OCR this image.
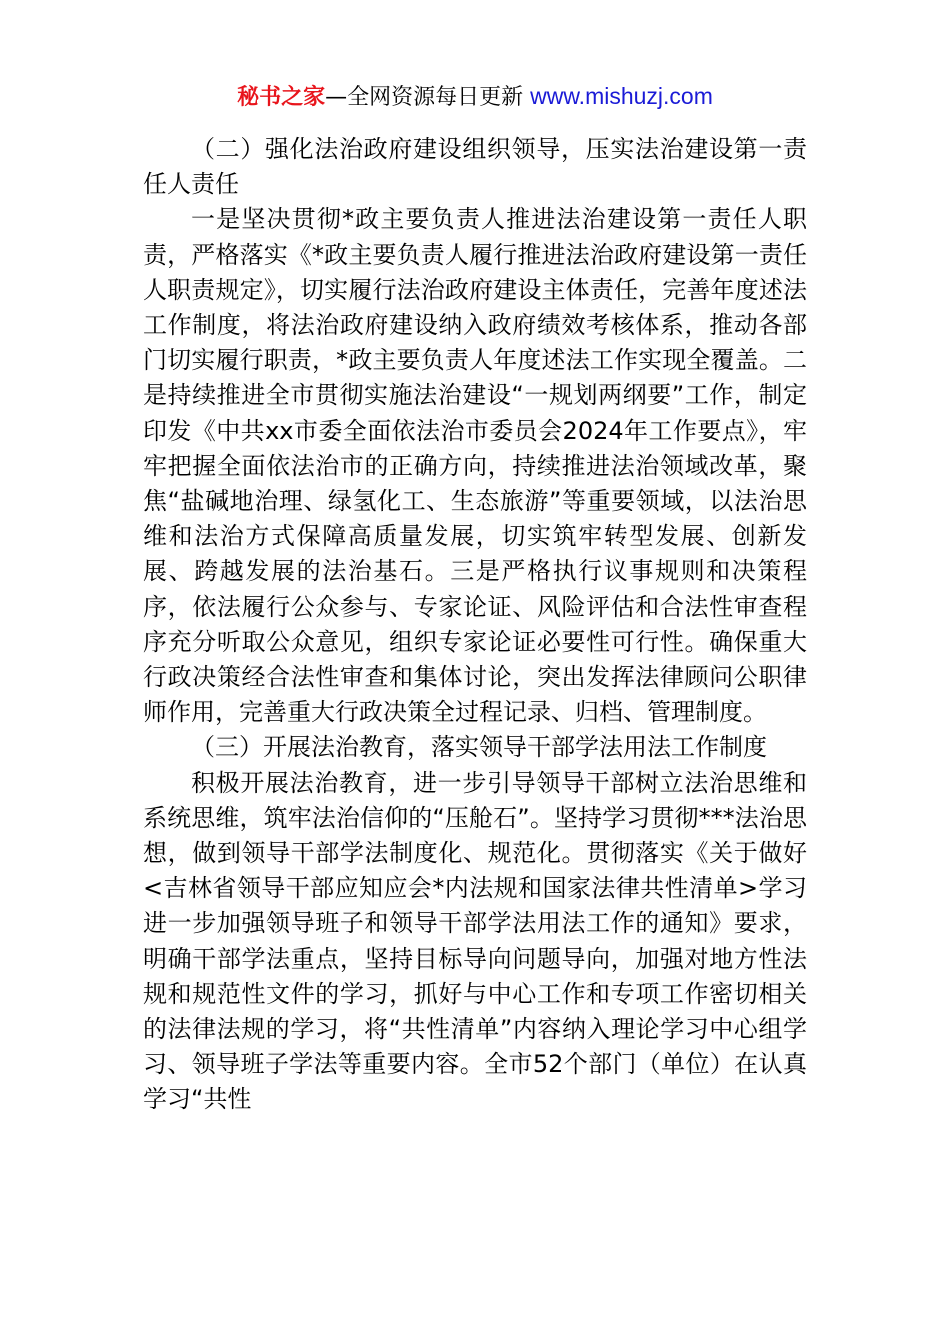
秘书之家—全网资源每日更新 www.mishuzj.com

（二）强化法治政府建设组织领导，压实法治建设第一责任人责任

一是坚决贯彻*政主要负责人推进法治建设第一责任人职责，严格落实《*政主要负责人履行推进法治政府建设第一责任人职责规定》，切实履行法治政府建设主体责任，完善年度述法工作制度，将法治政府建设纳入政府绩效考核体系，推动各部门切实履行职责，*政主要负责人年度述法工作实现全覆盖。二是持续推进全市贯彻实施法治建设“一规划两纲要”工作，制定印发《中共xx市委全面依法治市委员会2024年工作要点》，牢牢把握全面依法治市的正确方向，持续推进法治领域改革，聚焦“盐碱地治理、绿氢化工、生态旅游”等重要领域，以法治思维和法治方式保障高质量发展，切实筑牢转型发展、创新发展、跨越发展的法治基石。三是严格执行议事规则和决策程序，依法履行公众参与、专家论证、风险评估和合法性审查程序充分听取公众意见，组织专家论证必要性可行性。确保重大行政决策经合法性审查和集体讨论，突出发挥法律顾问公职律师作用，完善重大行政决策全过程记录、归档、管理制度。

（三）开展法治教育，落实领导干部学法用法工作制度

积极开展法治教育，进一步引导领导干部树立法治思维和系统思维，筑牢法治信仰的“压舱石”。坚持学习贯彻***法治思想，做到领导干部学法制度化、规范化。贯彻落实《关于做好<吉林省领导干部应知应会*内法规和国家法律共性清单>学习进一步加强领导班子和领导干部学法用法工作的通知》要求，明确干部学法重点，坚持目标导向问题导向，加强对地方性法规和规范性文件的学习，抓好与中心工作和专项工作密切相关的法律法规的学习，将“共性清单”内容纳入理论学习中心组学习、领导班子学法等重要内容。全市52个部门（单位）在认真学习“共性
